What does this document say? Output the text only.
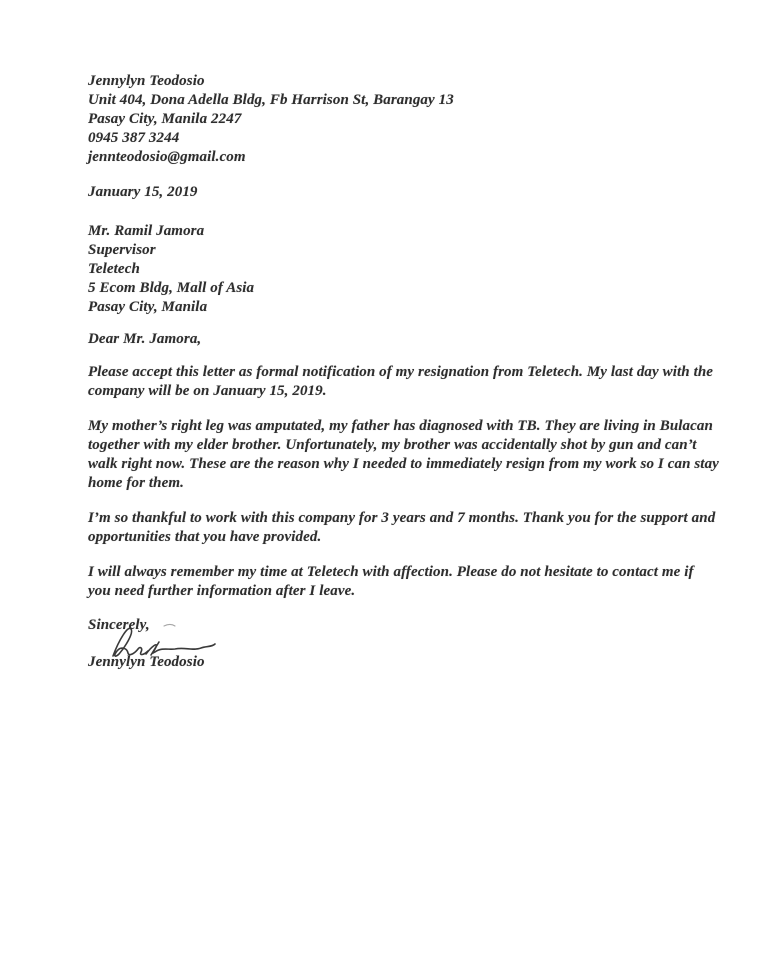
Jennylyn Teodosio
Unit 404, Dona Adella Bldg, Fb Harrison St, Barangay 13
Pasay City, Manila 2247
0945 387 3244
jennteodosio@gmail.com
January 15, 2019
Mr. Ramil Jamora
Supervisor
Teletech
5 Ecom Bldg, Mall of Asia
Pasay City, Manila
Dear Mr. Jamora,

Please accept this letter as formal notification of my resignation from Teletech. My last day with the company will be on January 15, 2019.

My mother’s right leg was amputated, my father has diagnosed with TB. They are living in Bulacan together with my elder brother. Unfortunately, my brother was accidentally shot by gun and can’t walk right now. These are the reason why I needed to immediately resign from my work so I can stay home for them.

I’m so thankful to work with this company for 3 years and 7 months. Thank you for the support and opportunities that you have provided.

I will always remember my time at Teletech with affection. Please do not hesitate to contact me if you need further information after I leave.

Sincerely,
Jennylyn Teodosio
